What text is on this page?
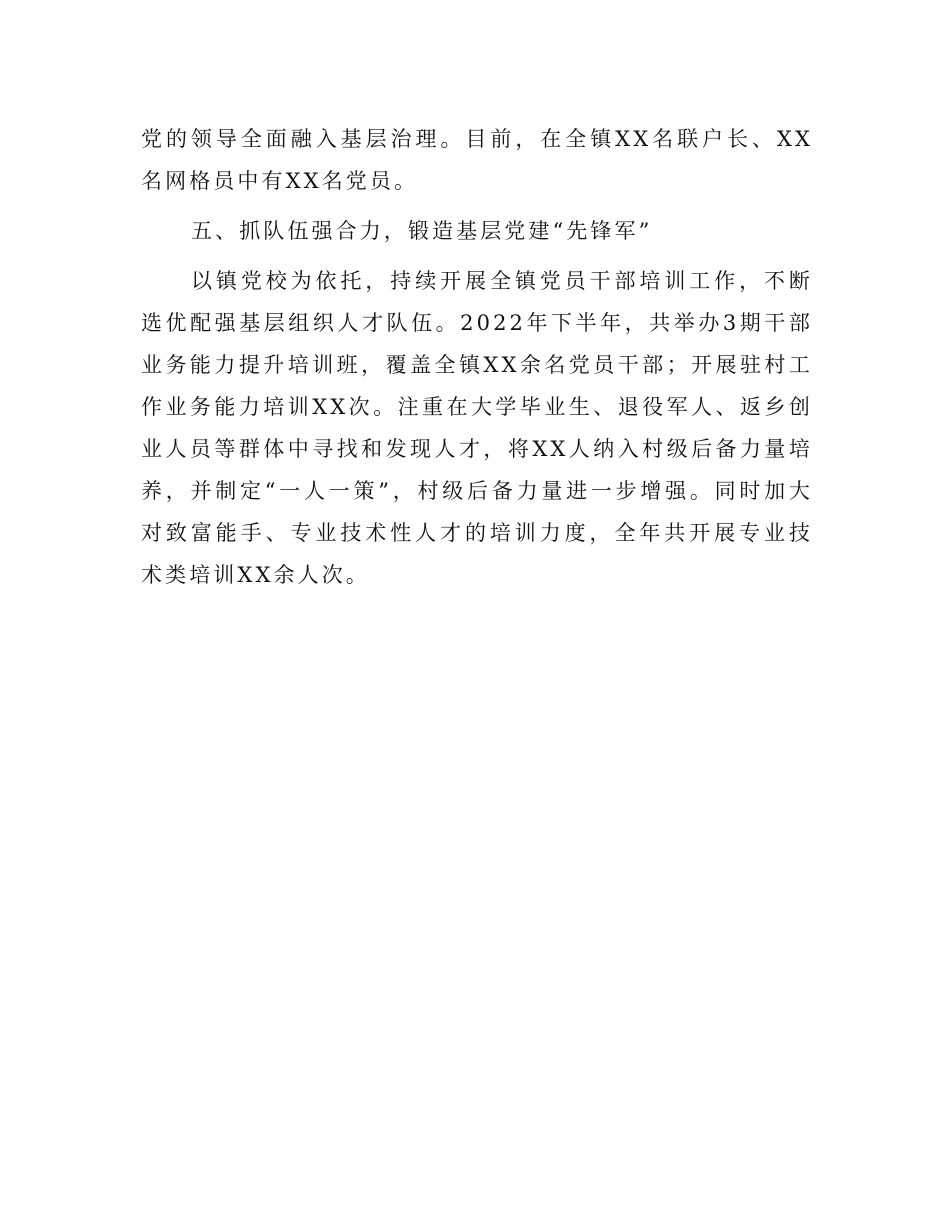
党的领导全面融入基层治理。目前，在全镇XX名联户长、XX名网格员中有XX名党员。

五、抓队伍强合力，锻造基层党建“先锋军”

以镇党校为依托，持续开展全镇党员干部培训工作，不断选优配强基层组织人才队伍。2022年下半年，共举办3期干部业务能力提升培训班，覆盖全镇XX余名党员干部；开展驻村工作业务能力培训XX次。注重在大学毕业生、退役军人、返乡创业人员等群体中寻找和发现人才，将XX人纳入村级后备力量培养，并制定“一人一策”，村级后备力量进一步增强。同时加大对致富能手、专业技术性人才的培训力度，全年共开展专业技术类培训XX余人次。
